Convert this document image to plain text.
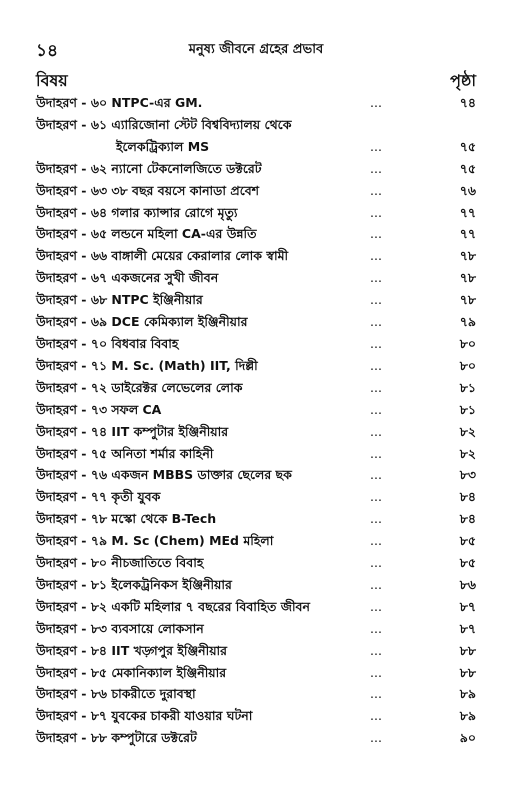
১৪	মনুষ্য জীবনে গ্রহের প্রভাব
বিষয়	পৃষ্ঠা
উদাহরণ - ৬০ NTPC-এর GM.	...	৭৪
উদাহরণ - ৬১ এ্যারিজোনা স্টেট বিশ্ববিদ্যালয় থেকে
ইলেকট্রিক্যাল MS	...	৭৫
উদাহরণ - ৬২ ন্যানো টেকনোলজিতে ডক্টরেট	...	৭৫
উদাহরণ - ৬৩ ৩৮ বছর বয়সে কানাডা প্রবেশ	...	৭৬
উদাহরণ - ৬৪ গলার ক্যান্সার রোগে মৃত্যু	...	৭৭
উদাহরণ - ৬৫ লন্ডনে মহিলা CA-এর উন্নতি	...	৭৭
উদাহরণ - ৬৬ বাঙ্গালী মেয়ের কেরালার লোক স্বামী	...	৭৮
উদাহরণ - ৬৭ একজনের সুখী জীবন	...	৭৮
উদাহরণ - ৬৮ NTPC ইঞ্জিনীয়ার	...	৭৮
উদাহরণ - ৬৯ DCE কেমিক্যাল ইঞ্জিনীয়ার	...	৭৯
উদাহরণ - ৭০ বিধবার বিবাহ	...	৮০
উদাহরণ - ৭১ M. Sc. (Math) IIT, দিল্লী	...	৮০
উদাহরণ - ৭২ ডাইরেক্টর লেভেলের লোক	...	৮১
উদাহরণ - ৭৩ সফল CA	...	৮১
উদাহরণ - ৭৪ IIT কম্পুটার ইঞ্জিনীয়ার	...	৮২
উদাহরণ - ৭৫ অনিতা শর্মার কাহিনী	...	৮২
উদাহরণ - ৭৬ একজন MBBS ডাক্তার ছেলের ছক	...	৮৩
উদাহরণ - ৭৭ কৃতী যুবক	...	৮৪
উদাহরণ - ৭৮ মস্কো থেকে B-Tech	...	৮৪
উদাহরণ - ৭৯ M. Sc (Chem) MEd মহিলা	...	৮৫
উদাহরণ - ৮০ নীচজাতিতে বিবাহ	...	৮৫
উদাহরণ - ৮১ ইলেকট্রনিকস ইঞ্জিনীয়ার	...	৮৬
উদাহরণ - ৮২ একটি মহিলার ৭ বছরের বিবাহিত জীবন	...	৮৭
উদাহরণ - ৮৩ ব্যবসায়ে লোকসান	...	৮৭
উদাহরণ - ৮৪ IIT খড়্গপুর ইঞ্জিনীয়ার	...	৮৮
উদাহরণ - ৮৫ মেকানিক্যাল ইঞ্জিনীয়ার	...	৮৮
উদাহরণ - ৮৬ চাকরীতে দুরাবস্থা	...	৮৯
উদাহরণ - ৮৭ যুবকের চাকরী যাওয়ার ঘটনা	...	৮৯
উদাহরণ - ৮৮ কম্পুটারে ডক্টরেট	...	৯০
